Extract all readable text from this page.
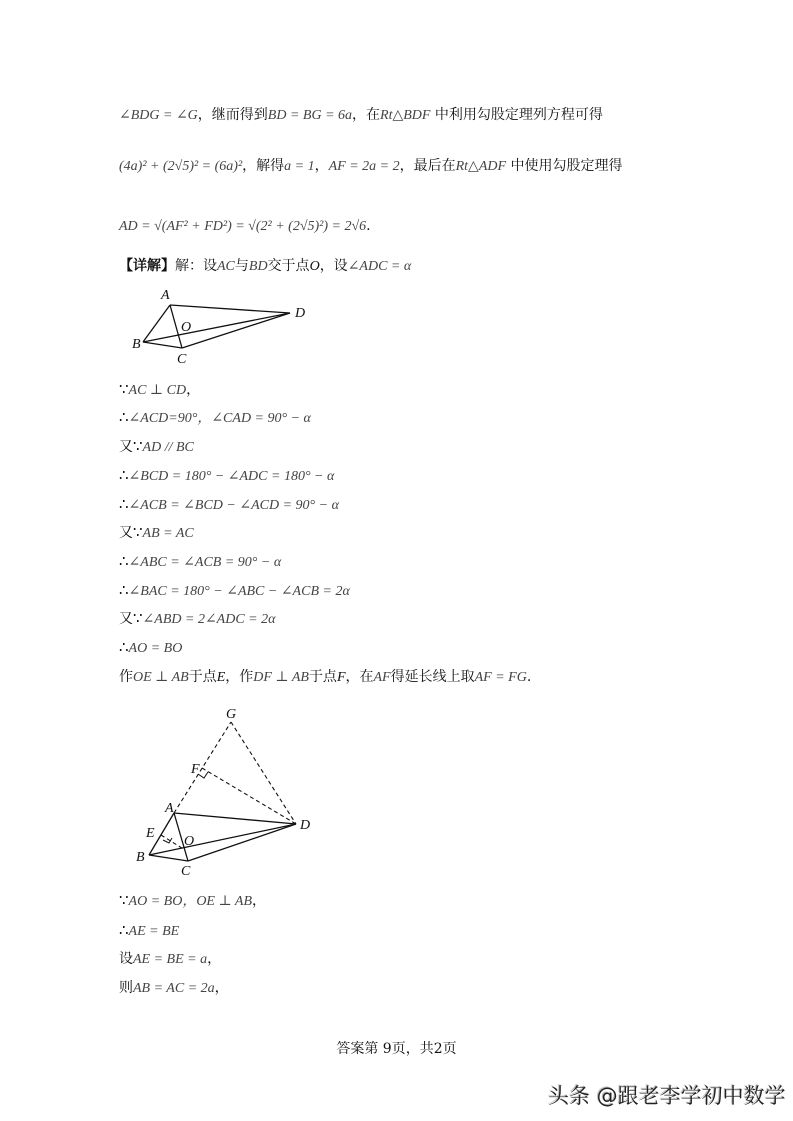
∠BDG = ∠G，继而得到BD = BG = 6a，在Rt△BDF 中利用勾股定理列方程可得
(4a)² + (2√5)² = (6a)²，解得a = 1，AF = 2a = 2，最后在Rt△ADF 中使用勾股定理得
AD = √(AF² + FD²) = √(2² + (2√5)²) = 2√6.
【详解】解：设AC与BD交于点O，设∠ADC = α
A
B
C
D
O
∵AC ⊥ CD，
∴∠ACD=90°，∠CAD = 90° − α
又∵AD // BC
∴∠BCD = 180° − ∠ADC = 180° − α
∴∠ACB = ∠BCD − ∠ACD = 90° − α
又∵AB = AC
∴∠ABC = ∠ACB = 90° − α
∴∠BAC = 180° − ∠ABC − ∠ACB = 2α
又∵∠ABD = 2∠ADC = 2α
∴AO = BO
作OE ⊥ AB于点E，作DF ⊥ AB于点F，在AF得延长线上取AF = FG.
G
F
A
E
O
B
C
D
∵AO = BO，OE ⊥ AB，
∴AE = BE
设AE = BE = a，
则AB = AC = 2a，
答案第 9页，共2页
头条 @跟老李学初中数学
